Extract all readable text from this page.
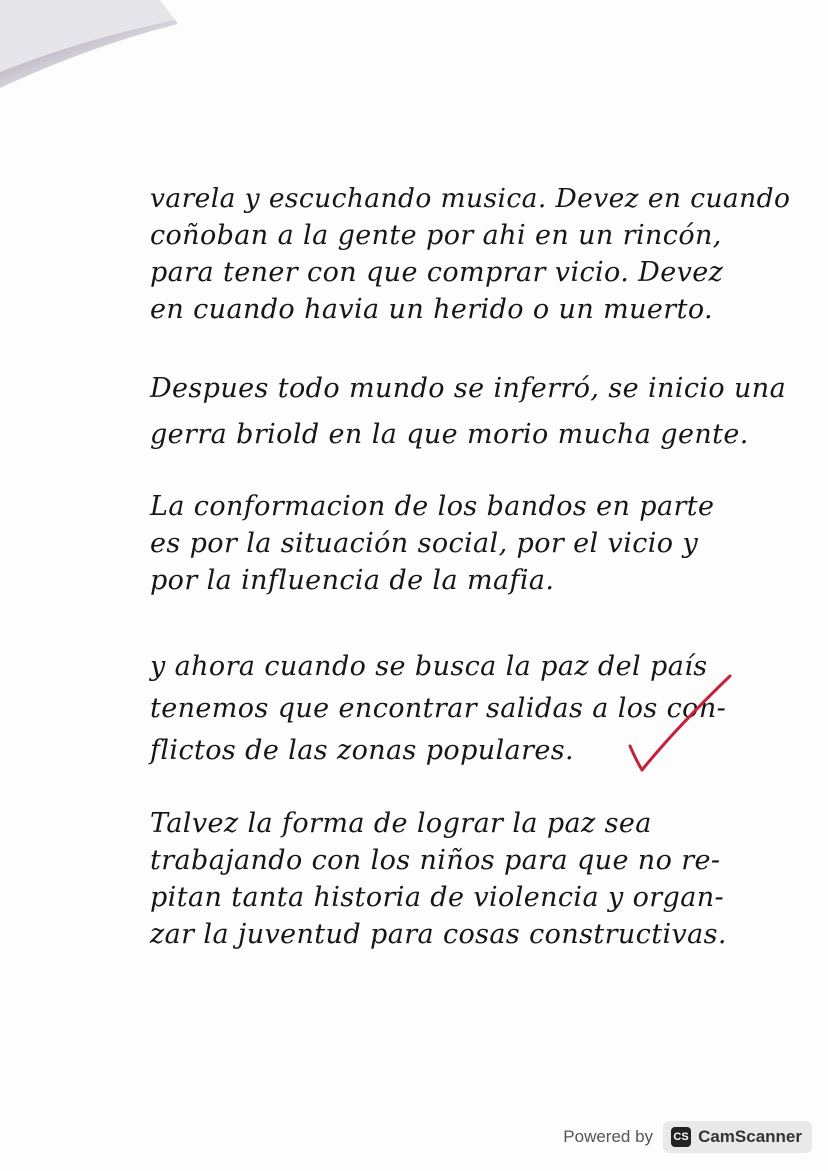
varela y escuchando musica. Devez en cuando
coñoban a la gente por ahi en un rincón,
para tener con que comprar vicio. Devez
en cuando havia un herido o un muerto.
Despues todo mundo se inferró, se inicio una
gerra briold en la que morio mucha gente.
La conformacion de los bandos en parte
es por la situación social, por el vicio y
por la influencia de la mafia.
y ahora cuando se busca la paz del país
tenemos que encontrar salidas a los con-
flictos de las zonas populares.
Talvez la forma de lograr la paz sea
trabajando con los niños para que no re-
pitan tanta historia de violencia y organ-
zar la juventud para cosas constructivas.
Powered by CS CamScanner
